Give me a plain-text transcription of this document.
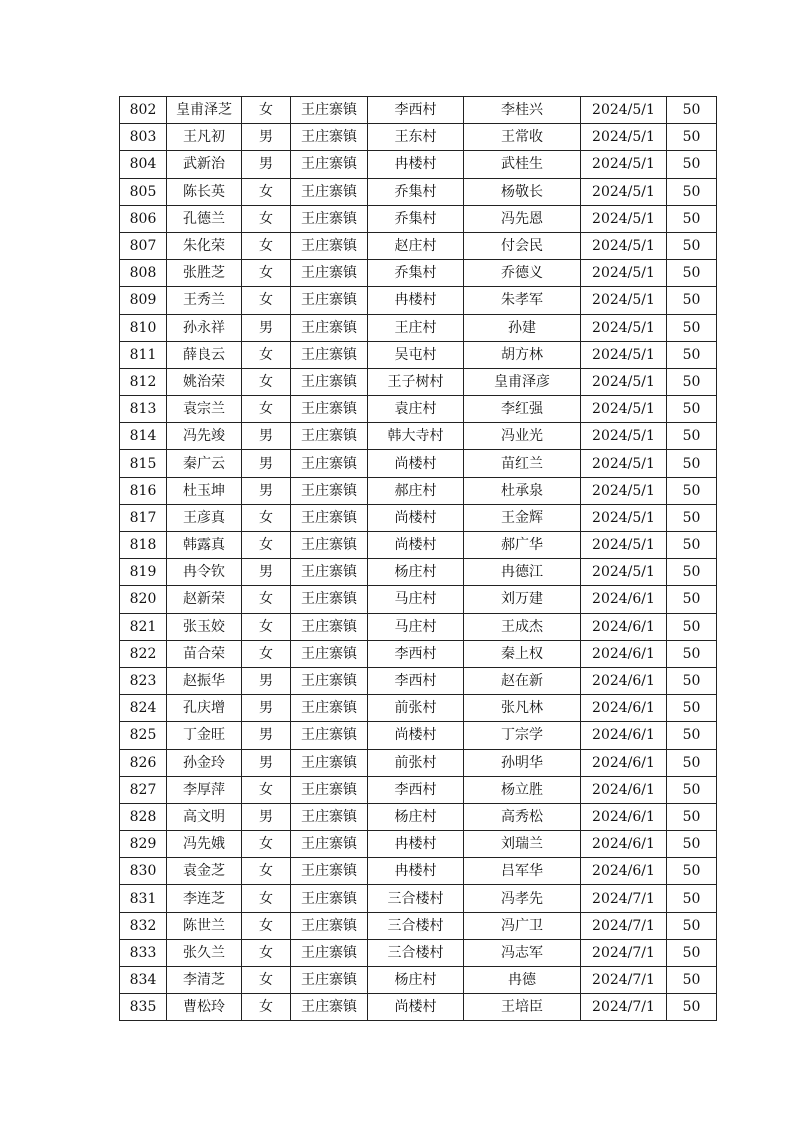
802	皇甫泽芝	女	王庄寨镇	李西村	李桂兴	2024/5/1	50
803	王凡初	男	王庄寨镇	王东村	王常收	2024/5/1	50
804	武新治	男	王庄寨镇	冉楼村	武桂生	2024/5/1	50
805	陈长英	女	王庄寨镇	乔集村	杨敬长	2024/5/1	50
806	孔德兰	女	王庄寨镇	乔集村	冯先恩	2024/5/1	50
807	朱化荣	女	王庄寨镇	赵庄村	付会民	2024/5/1	50
808	张胜芝	女	王庄寨镇	乔集村	乔德义	2024/5/1	50
809	王秀兰	女	王庄寨镇	冉楼村	朱孝军	2024/5/1	50
810	孙永祥	男	王庄寨镇	王庄村	孙建	2024/5/1	50
811	薛良云	女	王庄寨镇	吴屯村	胡方林	2024/5/1	50
812	姚治荣	女	王庄寨镇	王子树村	皇甫泽彦	2024/5/1	50
813	袁宗兰	女	王庄寨镇	袁庄村	李红强	2024/5/1	50
814	冯先竣	男	王庄寨镇	韩大寺村	冯业光	2024/5/1	50
815	秦广云	男	王庄寨镇	尚楼村	苗红兰	2024/5/1	50
816	杜玉坤	男	王庄寨镇	郝庄村	杜承泉	2024/5/1	50
817	王彦真	女	王庄寨镇	尚楼村	王金辉	2024/5/1	50
818	韩露真	女	王庄寨镇	尚楼村	郝广华	2024/5/1	50
819	冉令钦	男	王庄寨镇	杨庄村	冉德江	2024/5/1	50
820	赵新荣	女	王庄寨镇	马庄村	刘万建	2024/6/1	50
821	张玉姣	女	王庄寨镇	马庄村	王成杰	2024/6/1	50
822	苗合荣	女	王庄寨镇	李西村	秦上权	2024/6/1	50
823	赵振华	男	王庄寨镇	李西村	赵在新	2024/6/1	50
824	孔庆增	男	王庄寨镇	前张村	张凡林	2024/6/1	50
825	丁金旺	男	王庄寨镇	尚楼村	丁宗学	2024/6/1	50
826	孙金玲	男	王庄寨镇	前张村	孙明华	2024/6/1	50
827	李厚萍	女	王庄寨镇	李西村	杨立胜	2024/6/1	50
828	高文明	男	王庄寨镇	杨庄村	高秀松	2024/6/1	50
829	冯先娥	女	王庄寨镇	冉楼村	刘瑞兰	2024/6/1	50
830	袁金芝	女	王庄寨镇	冉楼村	吕军华	2024/6/1	50
831	李连芝	女	王庄寨镇	三合楼村	冯孝先	2024/7/1	50
832	陈世兰	女	王庄寨镇	三合楼村	冯广卫	2024/7/1	50
833	张久兰	女	王庄寨镇	三合楼村	冯志军	2024/7/1	50
834	李清芝	女	王庄寨镇	杨庄村	冉德	2024/7/1	50
835	曹松玲	女	王庄寨镇	尚楼村	王培臣	2024/7/1	50
